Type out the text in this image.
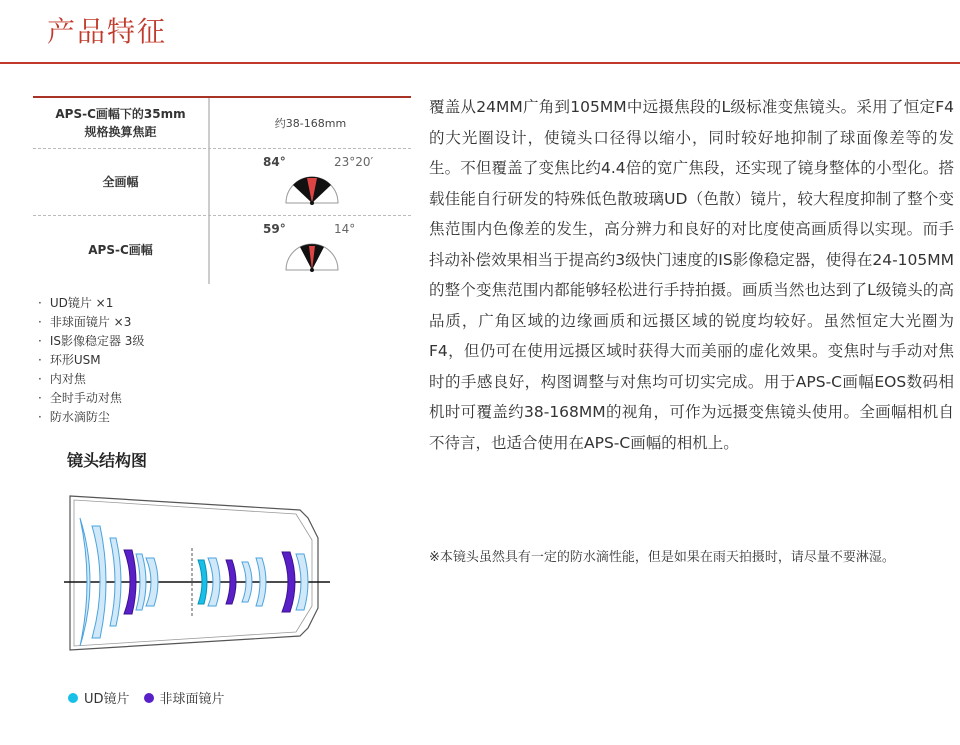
产品特征
APS-C画幅下的35mm
规格换算焦距
约38-168mm
全画幅
84°	23°20′
APS-C画幅
59°	14°
· UD镜片 ×1
· 非球面镜片 ×3
· IS影像稳定器 3级
· 环形USM
· 内对焦
· 全时手动对焦
· 防水滴防尘
镜头结构图
UD镜片 非球面镜片

覆盖从24MM广角到105MM中远摄焦段的L级标准变焦镜头。采用了恒定F4的大光圈设计，使镜头口径得以缩小，同时较好地抑制了球面像差等的发生。不但覆盖了变焦比约4.4倍的宽广焦段，还实现了镜身整体的小型化。搭载佳能自行研发的特殊低色散玻璃UD（色散）镜片，较大程度抑制了整个变焦范围内色像差的发生，高分辨力和良好的对比度使高画质得以实现。而手抖动补偿效果相当于提高约3级快门速度的IS影像稳定器，使得在24-105MM的整个变焦范围内都能够轻松进行手持拍摄。画质当然也达到了L级镜头的高品质，广角区域的边缘画质和远摄区域的锐度均较好。虽然恒定大光圈为F4，但仍可在使用远摄区域时获得大而美丽的虚化效果。变焦时与手动对焦时的手感良好，构图调整与对焦均可切实完成。用于APS-C画幅EOS数码相机时可覆盖约38-168MM的视角，可作为远摄变焦镜头使用。全画幅相机自不待言，也适合使用在APS-C画幅的相机上。

※本镜头虽然具有一定的防水滴性能，但是如果在雨天拍摄时，请尽量不要淋湿。
